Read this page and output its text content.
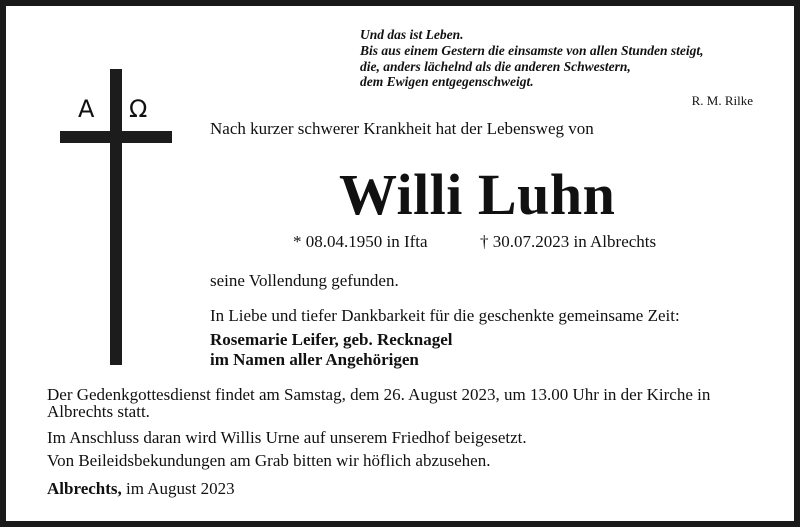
Und das ist Leben.
Bis aus einem Gestern die einsamste von allen Stunden steigt,
die, anders lächelnd als die anderen Schwestern,
dem Ewigen entgegenschweigt.
R. M. Rilke
A Ω
Nach kurzer schwerer Krankheit hat der Lebensweg von
Willi Luhn
* 08.04.1950 in Ifta	† 30.07.2023 in Albrechts
seine Vollendung gefunden.
In Liebe und tiefer Dankbarkeit für die geschenkte gemeinsame Zeit:
Rosemarie Leifer, geb. Recknagel
im Namen aller Angehörigen
Der Gedenkgottesdienst findet am Samstag, dem 26. August 2023, um 13.00 Uhr in der Kirche in Albrechts statt.
Im Anschluss daran wird Willis Urne auf unserem Friedhof beigesetzt.
Von Beileidsbekundungen am Grab bitten wir höflich abzusehen.
Albrechts, im August 2023
